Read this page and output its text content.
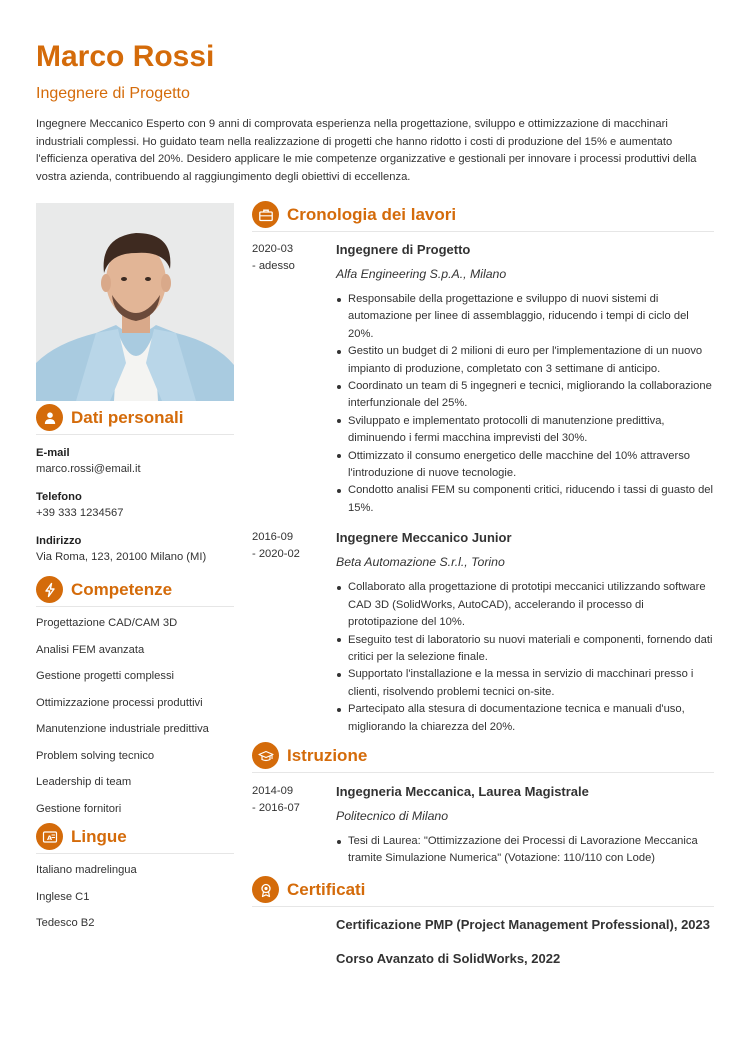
Marco Rossi
Ingegnere di Progetto

Ingegnere Meccanico Esperto con 9 anni di comprovata esperienza nella progettazione, sviluppo e ottimizzazione di macchinari industriali complessi. Ho guidato team nella realizzazione di progetti che hanno ridotto i costi di produzione del 15% e aumentato l'efficienza operativa del 20%. Desidero applicare le mie competenze organizzative e gestionali per innovare i processi produttivi della vostra azienda, contribuendo al raggiungimento degli obiettivi di eccellenza.

Dati personali
E-mail
marco.rossi@email.it
Telefono
+39 333 1234567
Indirizzo
Via Roma, 123, 20100 Milano (MI)
Competenze
Progettazione CAD/CAM 3D
Analisi FEM avanzata
Gestione progetti complessi
Ottimizzazione processi produttivi
Manutenzione industriale predittiva
Problem solving tecnico
Leadership di team
Gestione fornitori
A Lingue
Italiano madrelingua
Inglese C1
Tedesco B2
Cronologia dei lavori
2020-03
- adesso
Ingegnere di Progetto
Alfa Engineering S.p.A., Milano
Responsabile della progettazione e sviluppo di nuovi sistemi di automazione per linee di assemblaggio, riducendo i tempi di ciclo del 20%.
Gestito un budget di 2 milioni di euro per l'implementazione di un nuovo impianto di produzione, completato con 3 settimane di anticipo.
Coordinato un team di 5 ingegneri e tecnici, migliorando la collaborazione interfunzionale del 25%.
Sviluppato e implementato protocolli di manutenzione predittiva, diminuendo i fermi macchina imprevisti del 30%.
Ottimizzato il consumo energetico delle macchine del 10% attraverso l'introduzione di nuove tecnologie.
Condotto analisi FEM su componenti critici, riducendo i tassi di guasto del 15%.
2016-09
- 2020-02
Ingegnere Meccanico Junior
Beta Automazione S.r.l., Torino
Collaborato alla progettazione di prototipi meccanici utilizzando software CAD 3D (SolidWorks, AutoCAD), accelerando il processo di prototipazione del 10%.
Eseguito test di laboratorio su nuovi materiali e componenti, fornendo dati critici per la selezione finale.
Supportato l'installazione e la messa in servizio di macchinari presso i clienti, risolvendo problemi tecnici on-site.
Partecipato alla stesura di documentazione tecnica e manuali d'uso, migliorando la chiarezza del 20%.
Istruzione
2014-09
- 2016-07
Ingegneria Meccanica, Laurea Magistrale
Politecnico di Milano
Tesi di Laurea: "Ottimizzazione dei Processi di Lavorazione Meccanica tramite Simulazione Numerica" (Votazione: 110/110 con Lode)
Certificati
Certificazione PMP (Project Management Professional), 2023
Corso Avanzato di SolidWorks, 2022
